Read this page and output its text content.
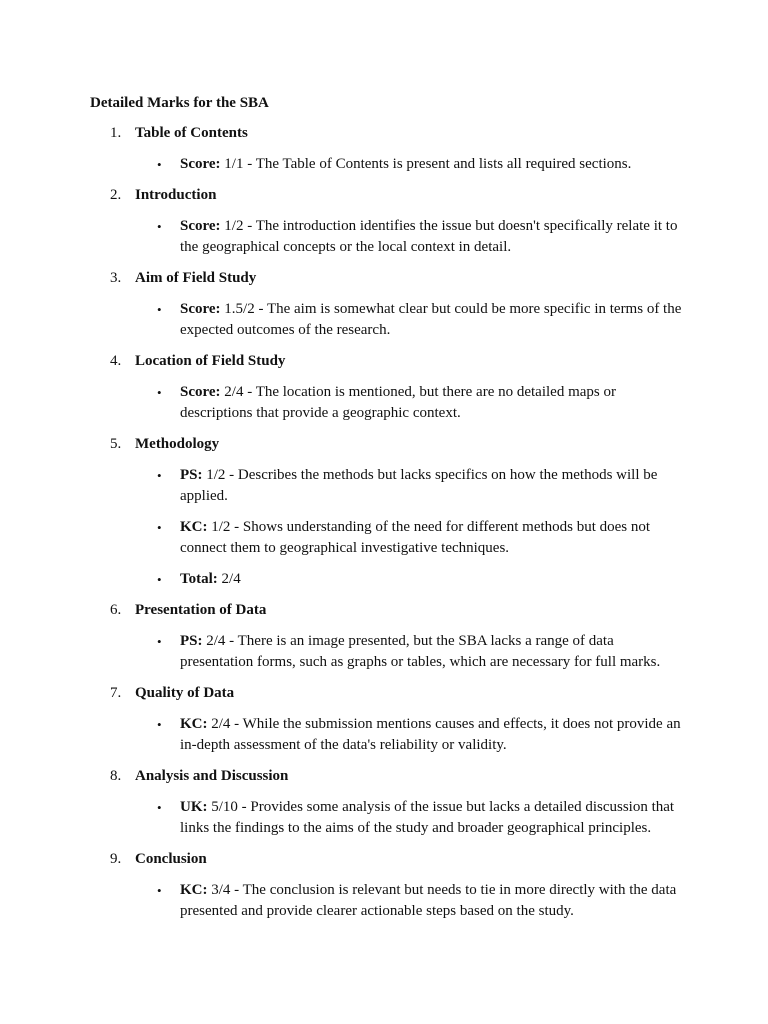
Detailed Marks for the SBA
1. Table of Contents
• Score: 1/1 - The Table of Contents is present and lists all required sections.
2. Introduction
• Score: 1/2 - The introduction identifies the issue but doesn't specifically relate it to the geographical concepts or the local context in detail.
3. Aim of Field Study
• Score: 1.5/2 - The aim is somewhat clear but could be more specific in terms of the expected outcomes of the research.
4. Location of Field Study
• Score: 2/4 - The location is mentioned, but there are no detailed maps or descriptions that provide a geographic context.
5. Methodology
• PS: 1/2 - Describes the methods but lacks specifics on how the methods will be applied.
• KC: 1/2 - Shows understanding of the need for different methods but does not connect them to geographical investigative techniques.
• Total: 2/4
6. Presentation of Data
• PS: 2/4 - There is an image presented, but the SBA lacks a range of data presentation forms, such as graphs or tables, which are necessary for full marks.
7. Quality of Data
• KC: 2/4 - While the submission mentions causes and effects, it does not provide an in-depth assessment of the data's reliability or validity.
8. Analysis and Discussion
• UK: 5/10 - Provides some analysis of the issue but lacks a detailed discussion that links the findings to the aims of the study and broader geographical principles.
9. Conclusion
• KC: 3/4 - The conclusion is relevant but needs to tie in more directly with the data presented and provide clearer actionable steps based on the study.
